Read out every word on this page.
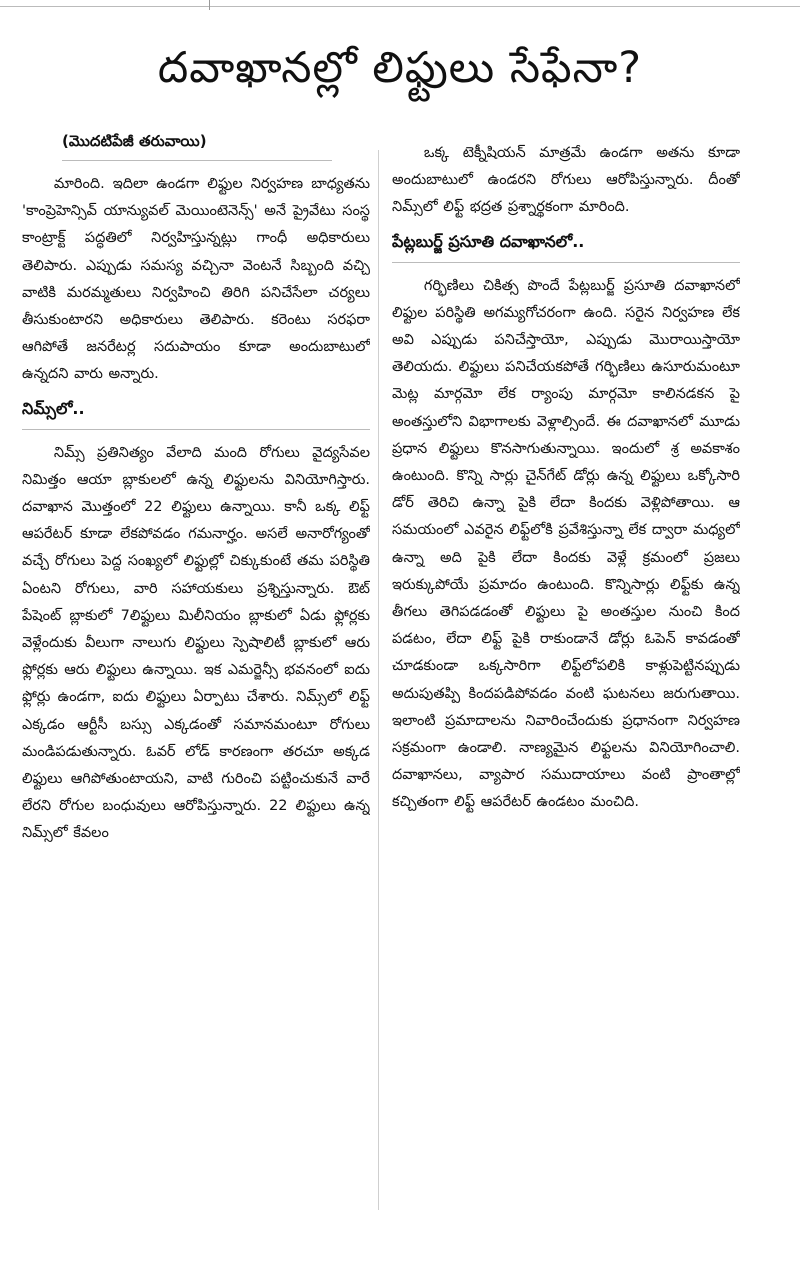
దవాఖానల్లో లిఫ్టులు సేఫేనా?
(మొదటిపేజీ తరువాయి)

మారింది. ఇదిలా ఉండగా లిఫ్టుల నిర్వహణ బాధ్యతను 'కాంప్రెహెన్సివ్ యాన్యువల్ మెయింటెనెన్స్' అనే ప్రైవేటు సంస్థ కాంట్రాక్ట్ పద్ధతిలో నిర్వహిస్తున్నట్లు గాంధీ అధికారులు తెలిపారు. ఎప్పుడు సమస్య వచ్చినా వెంటనే సిబ్బంది వచ్చి వాటికి మరమ్మతులు నిర్వహించి తిరిగి పనిచేసేలా చర్యలు తీసుకుంటారని అధికారులు తెలిపారు. కరెంటు సరఫరా ఆగిపోతే జనరేటర్ల సదుపాయం కూడా అందుబాటులో ఉన్నదని వారు అన్నారు.

నిమ్స్‌లో..

నిమ్స్ ప్రతినిత్యం వేలాది మంది రోగులు వైద్యసేవల నిమిత్తం ఆయా బ్లాకులలో ఉన్న లిఫ్టులను వినియోగిస్తారు. దవాఖాన మొత్తంలో 22 లిఫ్టులు ఉన్నాయి. కానీ ఒక్క లిఫ్ట్ ఆపరేటర్ కూడా లేకపోవడం గమనార్హం. అసలే అనారోగ్యంతో వచ్చే రోగులు పెద్ద సంఖ్యలో లిఫ్టుల్లో చిక్కుకుంటే తమ పరిస్థితి ఏంటని రోగులు, వారి సహాయకులు ప్రశ్నిస్తున్నారు. ఔట్ పేషెంట్ బ్లాకులో 7లిఫ్టులు మిలీనియం బ్లాకులో ఏడు ఫ్లోర్లకు వెళ్లేందుకు వీలుగా నాలుగు లిఫ్టులు స్పెషాలిటీ బ్లాకులో ఆరు ఫ్లోర్లకు ఆరు లిఫ్టులు ఉన్నాయి. ఇక ఎమర్జెన్సీ భవనంలో ఐదు ఫ్లోర్లు ఉండగా, ఐదు లిఫ్టులు ఏర్పాటు చేశారు. నిమ్స్‌లో లిఫ్ట్ ఎక్కడం ఆర్టీసీ బస్సు ఎక్కడంతో సమానమంటూ రోగులు మండిపడుతున్నారు. ఓవర్ లోడ్ కారణంగా తరచూ అక్కడ లిఫ్టులు ఆగిపోతుంటాయని, వాటి గురించి పట్టించుకునే వారే లేరని రోగుల బంధువులు ఆరోపిస్తున్నారు. 22 లిఫ్టులు ఉన్న నిమ్స్‌లో కేవలం

ఒక్క టెక్నీషియన్ మాత్రమే ఉండగా అతను కూడా అందుబాటులో ఉండరని రోగులు ఆరోపిస్తున్నారు. దీంతో నిమ్స్‌లో లిఫ్ట్ భద్రత ప్రశ్నార్థకంగా మారింది.

పేట్లబుర్జ్ ప్రసూతి దవాఖానలో..

గర్భిణిలు చికిత్స పొందే పేట్లబుర్జ్ ప్రసూతి దవాఖానలో లిఫ్టుల పరిస్థితి అగమ్యగోచరంగా ఉంది. సరైన నిర్వహణ లేక అవి ఎప్పుడు పనిచేస్తాయో, ఎప్పుడు మొరాయిస్తాయో తెలియదు. లిఫ్టులు పనిచేయకపోతే గర్భిణిలు ఉసూరుమంటూ మెట్ల మార్గమో లేక ర్యాంపు మార్గమో కాలినడకన పై అంతస్తులోని విభాగాలకు వెళ్లాల్సిందే. ఈ దవాఖానలో మూడు ప్రధాన లిఫ్టులు కొనసాగుతున్నాయి. ఇందులో శ్ర అవకాశం ఉంటుంది. కొన్ని సార్లు చైన్‌గేట్ డోర్లు ఉన్న లిఫ్టులు ఒక్కోసారి డోర్ తెరిచి ఉన్నా పైకి లేదా కిందకు వెళ్లిపోతాయి. ఆ సమయంలో ఎవరైన లిఫ్ట్‌లోకి ప్రవేశిస్తున్నా లేక ద్వారా మధ్యలో ఉన్నా అది పైకి లేదా కిందకు వెళ్లే క్రమంలో ప్రజలు ఇరుక్కుపోయే ప్రమాదం ఉంటుంది. కొన్నిసార్లు లిఫ్ట్‌కు ఉన్న తీగలు తెగిపడడంతో లిఫ్టులు పై అంతస్తుల నుంచి కింద పడటం, లేదా లిఫ్ట్ పైకి రాకుండానే డోర్లు ఓపెన్ కావడంతో చూడకుండా ఒక్కసారిగా లిఫ్ట్‌లోపలికి కాళ్లుపెట్టినప్పుడు అదుపుతప్పి కిందపడిపోవడం వంటి ఘటనలు జరుగుతాయి. ఇలాంటి ప్రమాదాలను నివారించేందుకు ప్రధానంగా నిర్వహణ సక్రమంగా ఉండాలి. నాణ్యమైన లిఫ్టలను వినియోగించాలి. దవాఖానలు, వ్యాపార సముదాయాలు వంటి ప్రాంతాల్లో కచ్చితంగా లిఫ్ట్ ఆపరేటర్ ఉండటం మంచిది.
